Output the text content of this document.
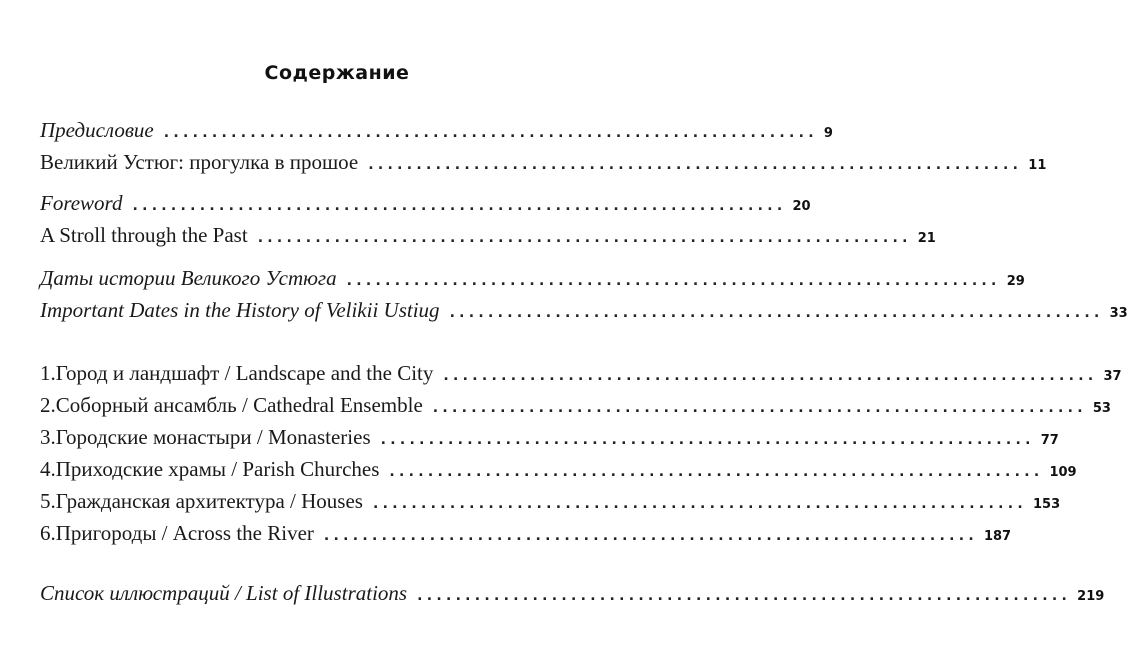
Содержание
Предисловие .................................................................... 9
Великий Устюг: прогулка в прошое .................................................................... 11
Foreword .................................................................... 20
A Stroll through the Past .................................................................... 21
Даты истории Великого Устюга .................................................................... 29
Important Dates in the History of Velikii Ustiug .................................................................... 33
1. Город и ландшафт / Landscape and the City .................................................................... 37
2. Соборный ансамбль / Cathedral Ensemble .................................................................... 53
3. Городские монастыри / Monasteries .................................................................... 77
4. Приходские храмы / Parish Churches .................................................................... 109
5. Гражданская архитектура / Houses .................................................................... 153
6. Пригороды / Across the River .................................................................... 187
Список иллюстраций / List of Illustrations .................................................................... 219
